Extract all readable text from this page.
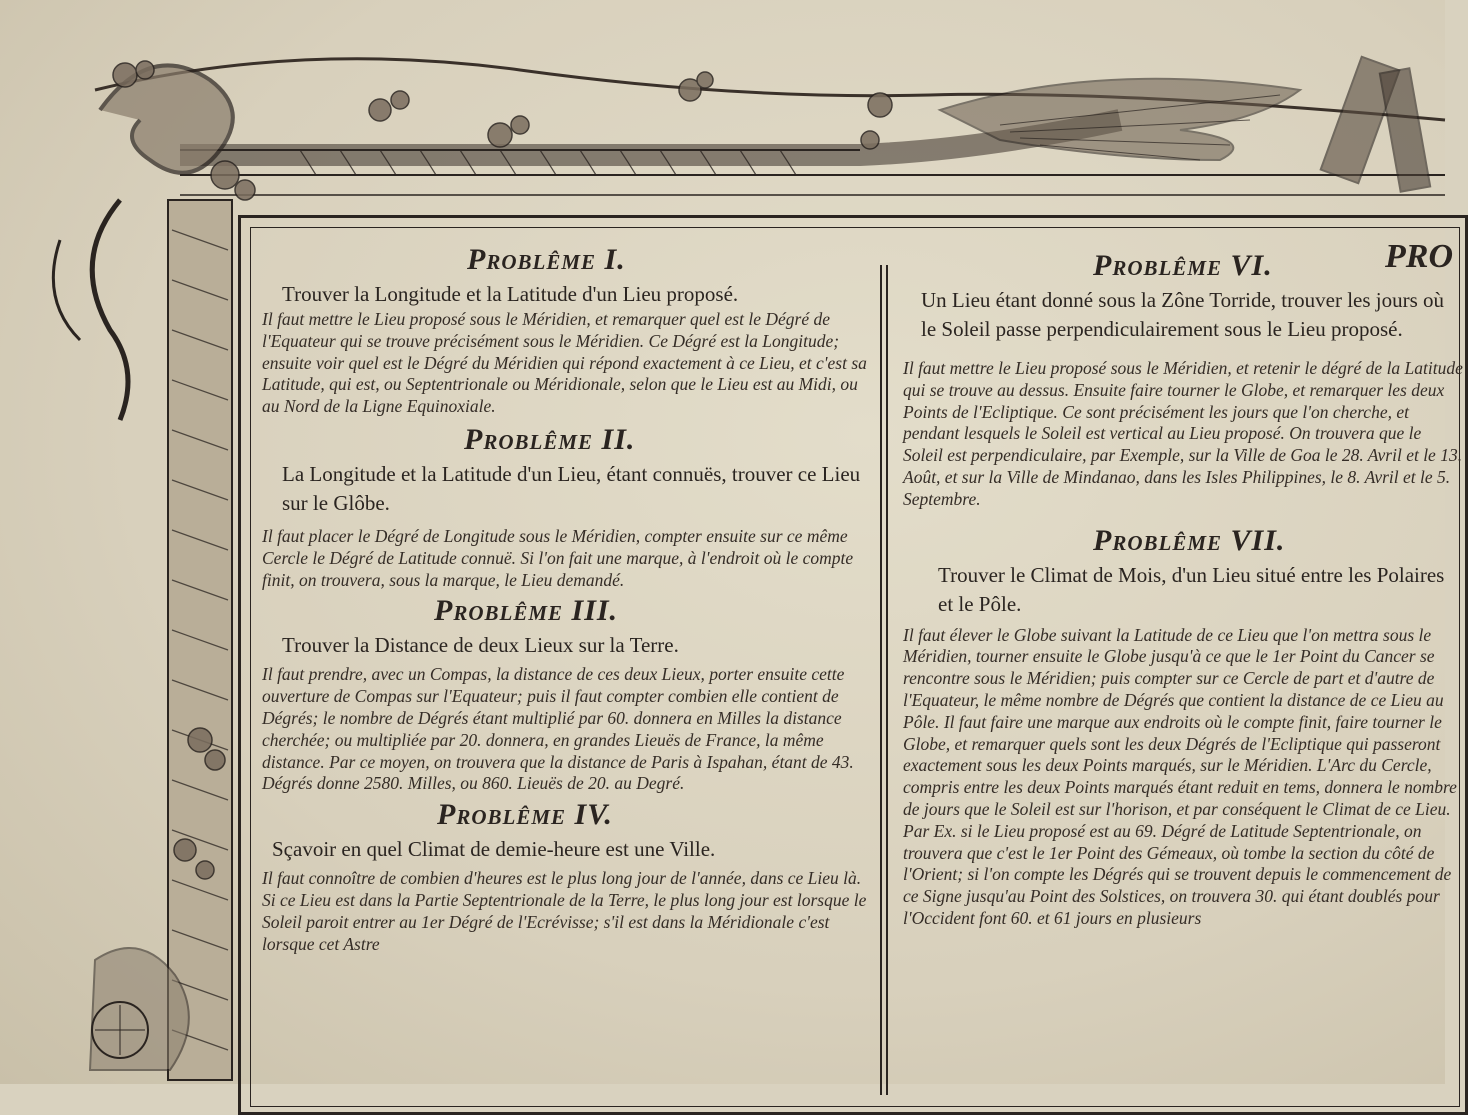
Problême I.

Trouver la Longitude et la Latitude d'un Lieu proposé.

Il faut mettre le Lieu proposé sous le Méridien, et remarquer quel est le Dégré de l'Equateur qui se trouve précisément sous le Méridien. Ce Dégré est la Longitude; ensuite voir quel est le Dégré du Méridien qui répond exactement à ce Lieu, et c'est sa Latitude, qui est, ou Septentrionale ou Méridionale, selon que le Lieu est au Midi, ou au Nord de la Ligne Equinoxiale.

Problême II.

La Longitude et la Latitude d'un Lieu, étant connuës, trouver ce Lieu sur le Glôbe.

Il faut placer le Dégré de Longitude sous le Méridien, compter ensuite sur ce même Cercle le Dégré de Latitude connuë. Si l'on fait une marque, à l'endroit où le compte finit, on trouvera, sous la marque, le Lieu demandé.

Problême III.

Trouver la Distance de deux Lieux sur la Terre.

Il faut prendre, avec un Compas, la distance de ces deux Lieux, porter ensuite cette ouverture de Compas sur l'Equateur; puis il faut compter combien elle contient de Dégrés; le nombre de Dégrés étant multiplié par 60. donnera en Milles la distance cherchée; ou multipliée par 20. donnera, en grandes Lieuës de France, la même distance. Par ce moyen, on trouvera que la distance de Paris à Ispahan, étant de 43. Dégrés donne 2580. Milles, ou 860. Lieuës de 20. au Degré.

Problême IV.

Sçavoir en quel Climat de demie-heure est une Ville.

Il faut connoître de combien d'heures est le plus long jour de l'année, dans ce Lieu là. Si ce Lieu est dans la Partie Septentrionale de la Terre, le plus long jour est lorsque le Soleil paroit entrer au 1er Dégré de l'Ecrévisse; s'il est dans la Méridionale c'est lorsque cet Astre

Problême VI.

Un Lieu étant donné sous la Zône Torride, trouver les jours où le Soleil passe perpendiculairement sous le Lieu proposé.

Il faut mettre le Lieu proposé sous le Méridien, et retenir le dégré de la Latitude qui se trouve au dessus. Ensuite faire tourner le Globe, et remarquer les deux Points de l'Ecliptique. Ce sont précisément les jours que l'on cherche, et pendant lesquels le Soleil est vertical au Lieu proposé. On trouvera que le Soleil est perpendiculaire, par Exemple, sur la Ville de Goa le 28. Avril et le 13. Août, et sur la Ville de Mindanao, dans les Isles Philippines, le 8. Avril et le 5. Septembre.

Problême VII.

Trouver le Climat de Mois, d'un Lieu situé entre les Polaires et le Pôle.

Il faut élever le Globe suivant la Latitude de ce Lieu que l'on mettra sous le Méridien, tourner ensuite le Globe jusqu'à ce que le 1er Point du Cancer se rencontre sous le Méridien; puis compter sur ce Cercle de part et d'autre de l'Equateur, le même nombre de Dégrés que contient la distance de ce Lieu au Pôle. Il faut faire une marque aux endroits où le compte finit, faire tourner le Globe, et remarquer quels sont les deux Dégrés de l'Ecliptique qui passeront exactement sous les deux Points marqués, sur le Méridien. L'Arc du Cercle, compris entre les deux Points marqués étant reduit en tems, donnera le nombre de jours que le Soleil est sur l'horison, et par conséquent le Climat de ce Lieu. Par Ex. si le Lieu proposé est au 69. Dégré de Latitude Septentrionale, on trouvera que c'est le 1er Point des Gémeaux, où tombe la section du côté de l'Orient; si l'on compte les Dégrés qui se trouvent depuis le commencement de ce Signe jusqu'au Point des Solstices, on trouvera 30. qui étant doublés pour l'Occident font 60. et 61 jours en plusieurs

PRO
